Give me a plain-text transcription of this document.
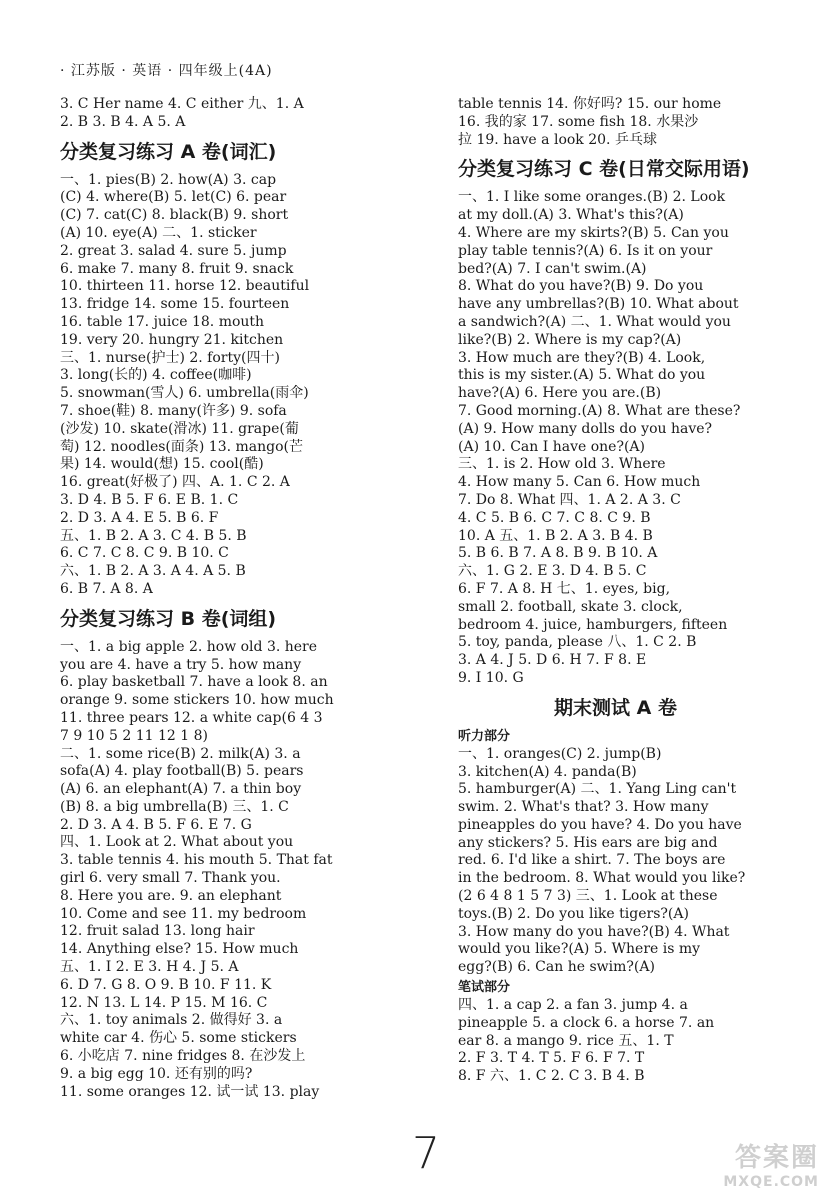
· 江苏版 · 英语 · 四年级上(4A)
3. C Her name 4. C either 九、1. A
2. B 3. B 4. A 5. A
分类复习练习 A 卷(词汇)
一、1. pies(B) 2. how(A) 3. cap
(C) 4. where(B) 5. let(C) 6. pear
(C) 7. cat(C) 8. black(B) 9. short
(A) 10. eye(A) 二、1. sticker
2. great 3. salad 4. sure 5. jump
6. make 7. many 8. fruit 9. snack
10. thirteen 11. horse 12. beautiful
13. fridge 14. some 15. fourteen
16. table 17. juice 18. mouth
19. very 20. hungry 21. kitchen
三、1. nurse(护士) 2. forty(四十)
3. long(长的) 4. coffee(咖啡)
5. snowman(雪人) 6. umbrella(雨伞)
7. shoe(鞋) 8. many(许多) 9. sofa
(沙发) 10. skate(滑冰) 11. grape(葡
萄) 12. noodles(面条) 13. mango(芒
果) 14. would(想) 15. cool(酷)
16. great(好极了) 四、A. 1. C 2. A
3. D 4. B 5. F 6. E B. 1. C
2. D 3. A 4. E 5. B 6. F
五、1. B 2. A 3. C 4. B 5. B
6. C 7. C 8. C 9. B 10. C
六、1. B 2. A 3. A 4. A 5. B
6. B 7. A 8. A
分类复习练习 B 卷(词组)
一、1. a big apple 2. how old 3. here
you are 4. have a try 5. how many
6. play basketball 7. have a look 8. an
orange 9. some stickers 10. how much
11. three pears 12. a white cap(6 4 3
7 9 10 5 2 11 12 1 8)
二、1. some rice(B) 2. milk(A) 3. a
sofa(A) 4. play football(B) 5. pears
(A) 6. an elephant(A) 7. a thin boy
(B) 8. a big umbrella(B) 三、1. C
2. D 3. A 4. B 5. F 6. E 7. G
四、1. Look at 2. What about you
3. table tennis 4. his mouth 5. That fat
girl 6. very small 7. Thank you.
8. Here you are. 9. an elephant
10. Come and see 11. my bedroom
12. fruit salad 13. long hair
14. Anything else? 15. How much
五、1. I 2. E 3. H 4. J 5. A
6. D 7. G 8. O 9. B 10. F 11. K
12. N 13. L 14. P 15. M 16. C
六、1. toy animals 2. 做得好 3. a
white car 4. 伤心 5. some stickers
6. 小吃店 7. nine fridges 8. 在沙发上
9. a big egg 10. 还有别的吗?
11. some oranges 12. 试一试 13. play
table tennis 14. 你好吗? 15. our home
16. 我的家 17. some fish 18. 水果沙
拉 19. have a look 20. 乒乓球
分类复习练习 C 卷(日常交际用语)
一、1. I like some oranges.(B) 2. Look
at my doll.(A) 3. What's this?(A)
4. Where are my skirts?(B) 5. Can you
play table tennis?(A) 6. Is it on your
bed?(A) 7. I can't swim.(A)
8. What do you have?(B) 9. Do you
have any umbrellas?(B) 10. What about
a sandwich?(A) 二、1. What would you
like?(B) 2. Where is my cap?(A)
3. How much are they?(B) 4. Look,
this is my sister.(A) 5. What do you
have?(A) 6. Here you are.(B)
7. Good morning.(A) 8. What are these?
(A) 9. How many dolls do you have?
(A) 10. Can I have one?(A)
三、1. is 2. How old 3. Where
4. How many 5. Can 6. How much
7. Do 8. What 四、1. A 2. A 3. C
4. C 5. B 6. C 7. C 8. C 9. B
10. A 五、1. B 2. A 3. B 4. B
5. B 6. B 7. A 8. B 9. B 10. A
六、1. G 2. E 3. D 4. B 5. C
6. F 7. A 8. H 七、1. eyes, big,
small 2. football, skate 3. clock,
bedroom 4. juice, hamburgers, fifteen
5. toy, panda, please 八、1. C 2. B
3. A 4. J 5. D 6. H 7. F 8. E
9. I 10. G
期末测试 A 卷
听力部分
一、1. oranges(C) 2. jump(B)
3. kitchen(A) 4. panda(B)
5. hamburger(A) 二、1. Yang Ling can't
swim. 2. What's that? 3. How many
pineapples do you have? 4. Do you have
any stickers? 5. His ears are big and
red. 6. I'd like a shirt. 7. The boys are
in the bedroom. 8. What would you like?
(2 6 4 8 1 5 7 3) 三、1. Look at these
toys.(B) 2. Do you like tigers?(A)
3. How many do you have?(B) 4. What
would you like?(A) 5. Where is my
egg?(B) 6. Can he swim?(A)
笔试部分
四、1. a cap 2. a fan 3. jump 4. a
pineapple 5. a clock 6. a horse 7. an
ear 8. a mango 9. rice 五、1. T
2. F 3. T 4. T 5. F 6. F 7. T
8. F 六、1. C 2. C 3. B 4. B
7	答案圈
MXQE.COM
